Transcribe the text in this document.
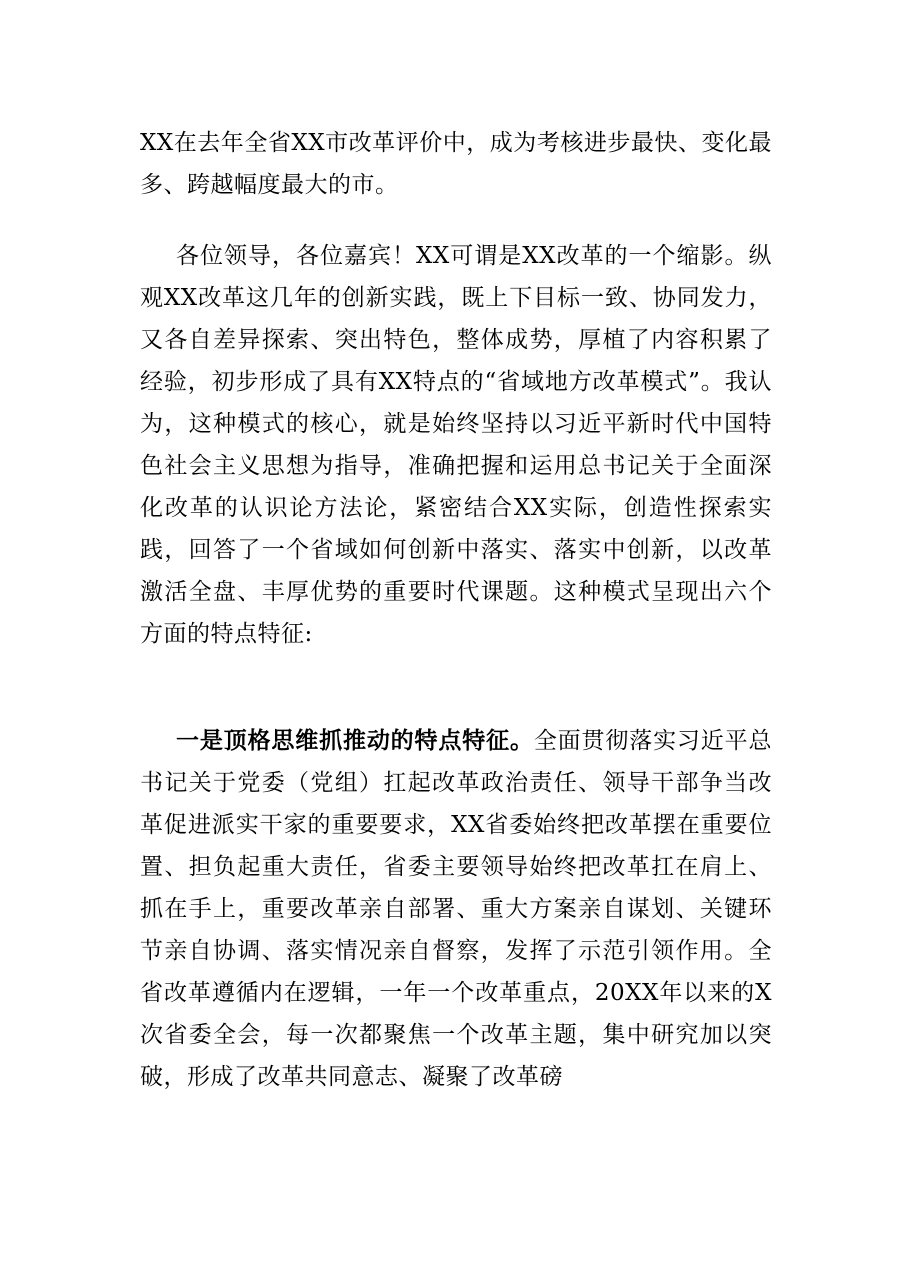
XX在去年全省XX市改革评价中，成为考核进步最快、变化最多、跨越幅度最大的市。

各位领导，各位嘉宾！XX可谓是XX改革的一个缩影。纵观XX改革这几年的创新实践，既上下目标一致、协同发力，又各自差异探索、突出特色，整体成势，厚植了内容积累了经验，初步形成了具有XX特点的“省域地方改革模式”。我认为，这种模式的核心，就是始终坚持以习近平新时代中国特色社会主义思想为指导，准确把握和运用总书记关于全面深化改革的认识论方法论，紧密结合XX实际，创造性探索实践，回答了一个省域如何创新中落实、落实中创新，以改革激活全盘、丰厚优势的重要时代课题。这种模式呈现出六个方面的特点特征:

一是顶格思维抓推动的特点特征。全面贯彻落实习近平总书记关于党委（党组）扛起改革政治责任、领导干部争当改革促进派实干家的重要要求，XX省委始终把改革摆在重要位置、担负起重大责任，省委主要领导始终把改革扛在肩上、抓在手上，重要改革亲自部署、重大方案亲自谋划、关键环节亲自协调、落实情况亲自督察，发挥了示范引领作用。全省改革遵循内在逻辑，一年一个改革重点，20XX年以来的X次省委全会，每一次都聚焦一个改革主题，集中研究加以突破，形成了改革共同意志、凝聚了改革磅
